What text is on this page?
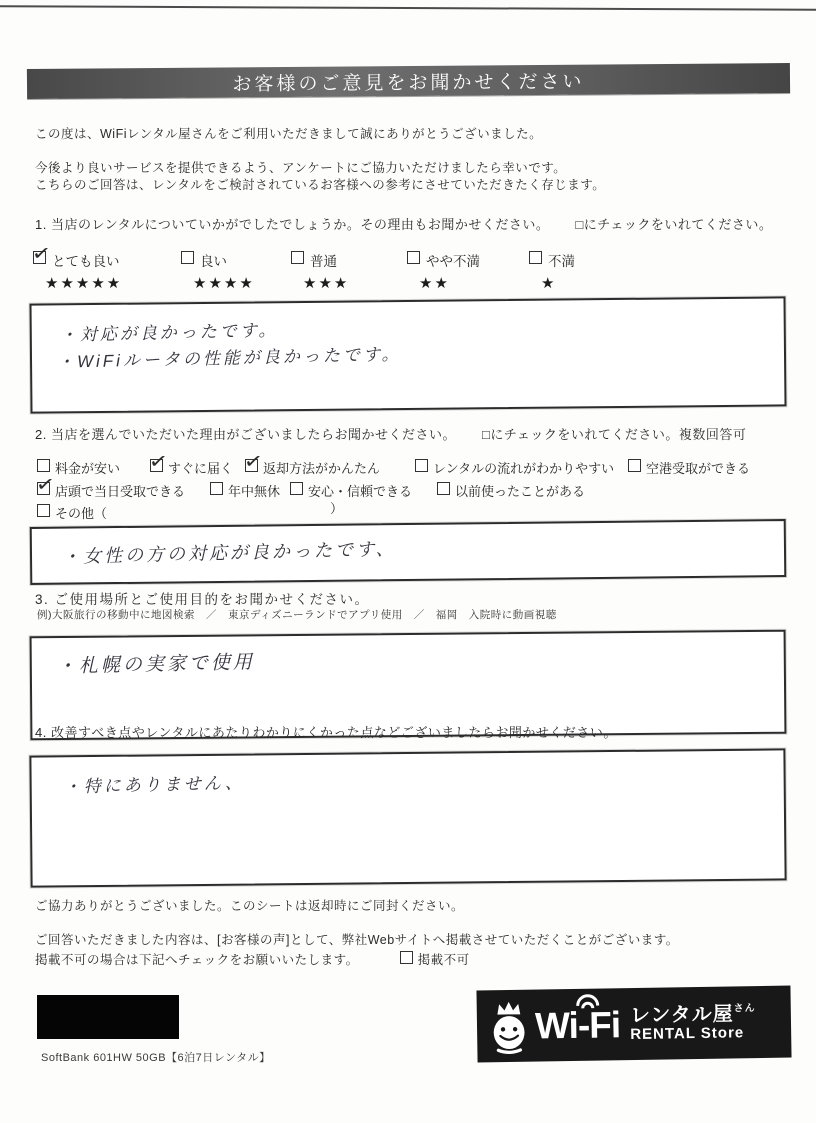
お客様のご意見をお聞かせください
この度は、WiFiレンタル屋さんをご利用いただきまして誠にありがとうございました。
今後より良いサービスを提供できるよう、アンケートにご協力いただけましたら幸いです。
こちらのご回答は、レンタルをご検討されているお客様への参考にさせていただきたく存じます。
1. 当店のレンタルについていかがでしたでしょうか。その理由もお聞かせください。 □にチェックをいれてください。
✓
とても良い
★★★★★
良い
★★★★
普通
★★★
やや不満
★★
不満
★
・対応が良かったです。
・WiFiルータの性能が良かったです。
2. 当店を選んでいただいた理由がございましたらお聞かせください。 □にチェックをいれてください。複数回答可
料金が安い ✓	すぐに届く ✓ 返却方法がかんたん	レンタルの流れがわかりやすい 空港受取ができる
✓
店頭で当日受取できる	年中無休 安心・信頼できる	以前使ったことがある
その他（	）
・女性の方の対応が良かったです、
3. ご使用場所とご使用目的をお聞かせください。
例)大阪旅行の移動中に地図検索　／　東京ディズニーランドでアプリ使用　／　福岡　入院時に動画視聴
・札幌の実家で使用
4. 改善すべき点やレンタルにあたりわかりにくかった点などございましたらお聞かせください。
・特にありません、
ご協力ありがとうございました。このシートは返却時にご同封ください。
ご回答いただきました内容は、[お客様の声]として、弊社Webサイトへ掲載させていただくことがございます。
掲載不可の場合は下記へチェックをお願いいたします。	掲載不可
SoftBank 601HW 50GB【6泊7日レンタル】
Wi-Fi レンタル屋$^{さん}$
RENTAL Store
